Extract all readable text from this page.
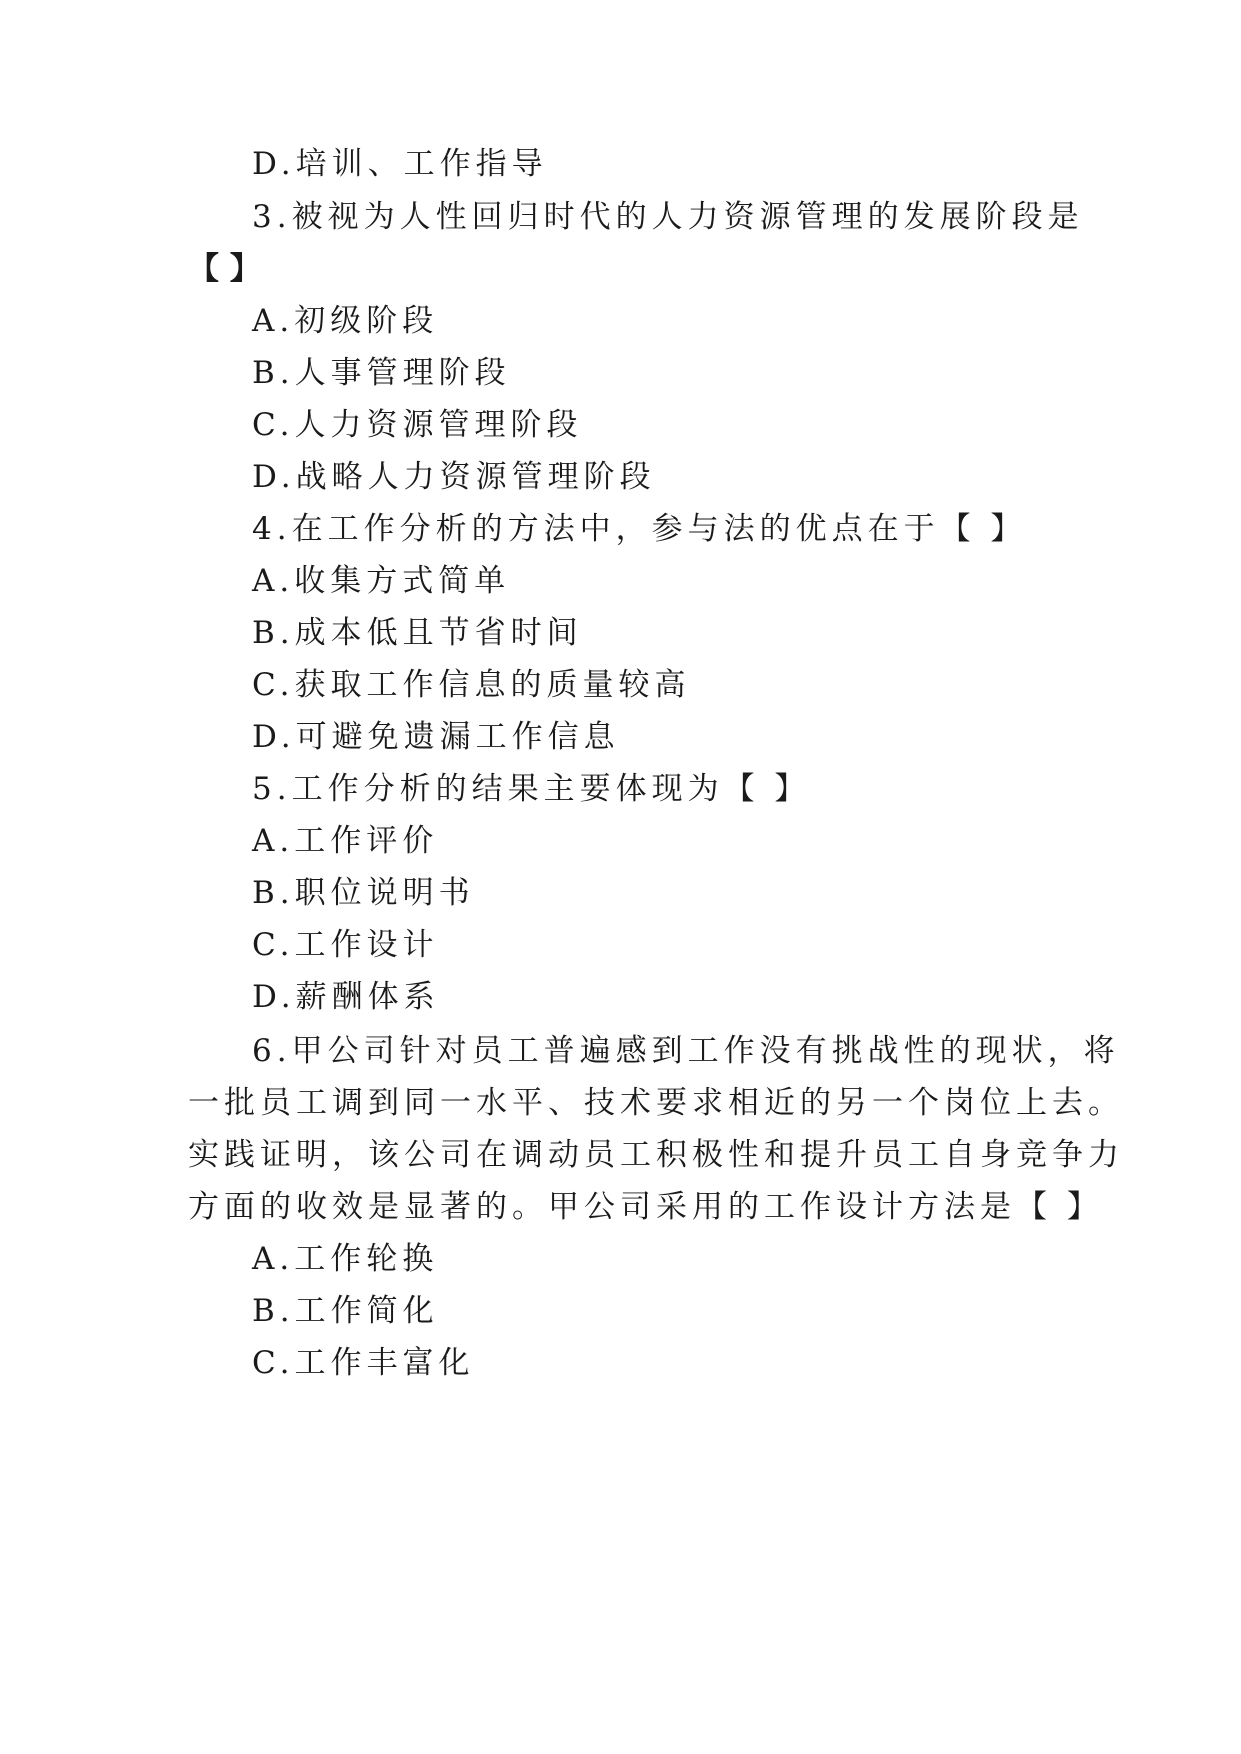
D.培训、工作指导
3.被视为人性回归时代的人力资源管理的发展阶段是
【 】
A.初级阶段
B.人事管理阶段
C.人力资源管理阶段
D.战略人力资源管理阶段
4.在工作分析的方法中，参与法的优点在于【 】
A.收集方式简单
B.成本低且节省时间
C.获取工作信息的质量较高
D.可避免遗漏工作信息
5.工作分析的结果主要体现为【 】
A.工作评价
B.职位说明书
C.工作设计
D.薪酬体系
6.甲公司针对员工普遍感到工作没有挑战性的现状，将
一批员工调到同一水平、技术要求相近的另一个岗位上去。
实践证明，该公司在调动员工积极性和提升员工自身竞争力
方面的收效是显著的。甲公司采用的工作设计方法是【 】
A.工作轮换
B.工作简化
C.工作丰富化
